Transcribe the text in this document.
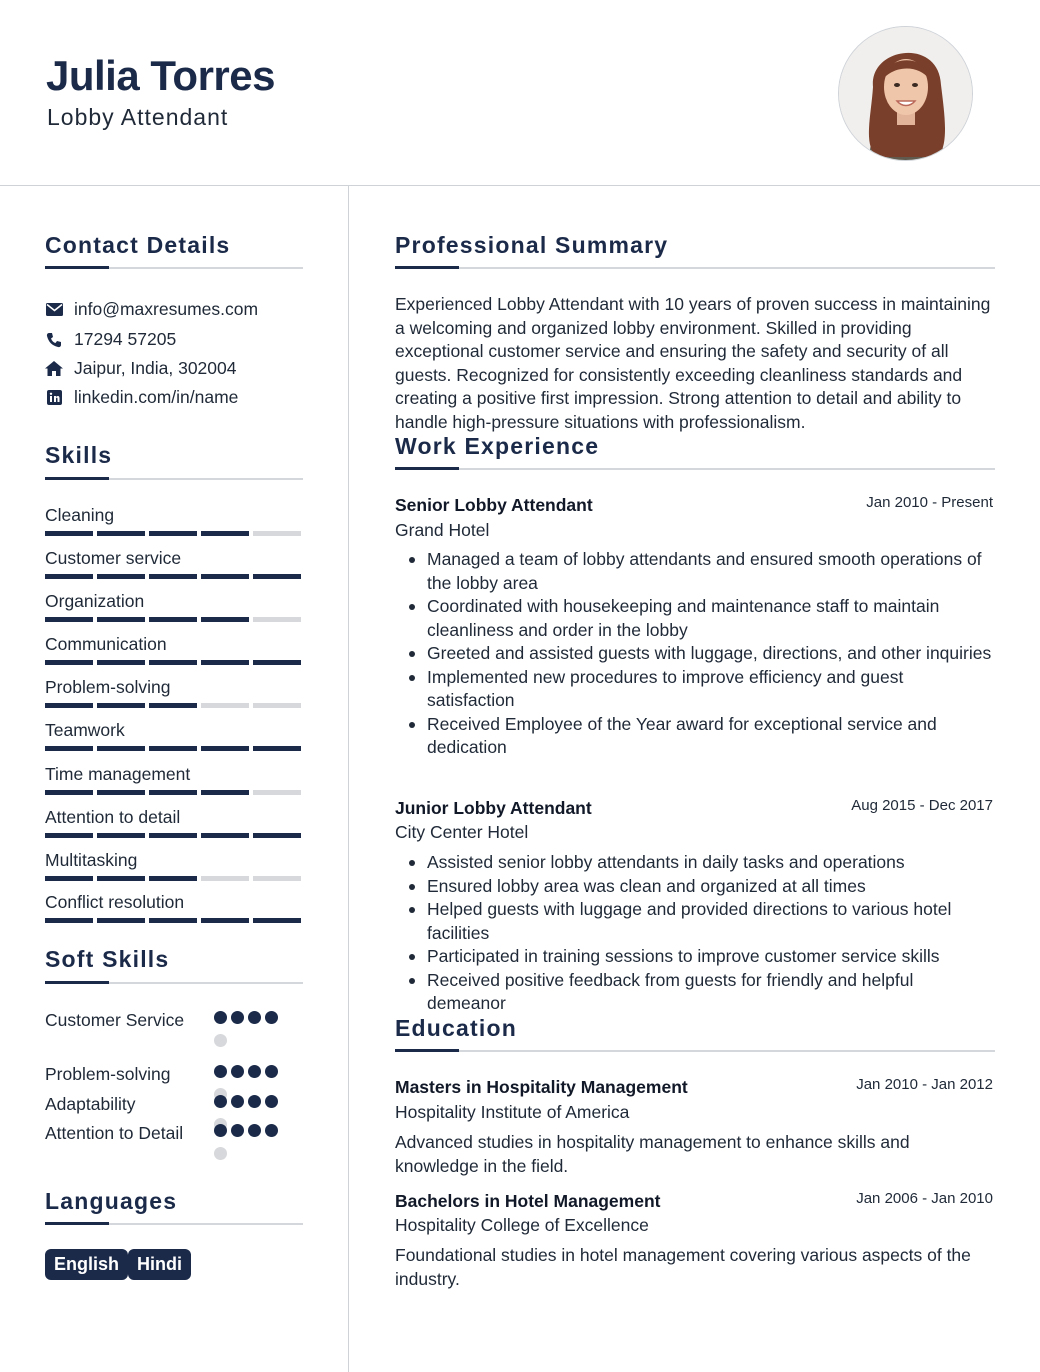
Julia Torres
Lobby Attendant
Contact Details
info@maxresumes.com
17294 57205
Jaipur, India, 302004
linkedin.com/in/name
Skills
Cleaning
Customer service
Organization
Communication
Problem-solving
Teamwork
Time management
Attention to detail
Multitasking
Conflict resolution
Soft Skills
Customer Service
Problem-solving
Adaptability
Attention to Detail
Languages
English Hindi
Professional Summary
Experienced Lobby Attendant with 10 years of proven success in maintaining a welcoming and organized lobby environment. Skilled in providing exceptional customer service and ensuring the safety and security of all guests. Recognized for consistently exceeding cleanliness standards and creating a positive first impression. Strong attention to detail and ability to handle high-pressure situations with professionalism.
Work Experience
Senior Lobby Attendant	Jan 2010 - Present
Grand Hotel
Managed a team of lobby attendants and ensured smooth operations of the lobby area
Coordinated with housekeeping and maintenance staff to maintain cleanliness and order in the lobby
Greeted and assisted guests with luggage, directions, and other inquiries
Implemented new procedures to improve efficiency and guest satisfaction
Received Employee of the Year award for exceptional service and dedication
Junior Lobby Attendant	Aug 2015 - Dec 2017
City Center Hotel
Assisted senior lobby attendants in daily tasks and operations
Ensured lobby area was clean and organized at all times
Helped guests with luggage and provided directions to various hotel facilities
Participated in training sessions to improve customer service skills
Received positive feedback from guests for friendly and helpful demeanor
Education
Masters in Hospitality Management	Jan 2010 - Jan 2012
Hospitality Institute of America
Advanced studies in hospitality management to enhance skills and knowledge in the field.
Bachelors in Hotel Management	Jan 2006 - Jan 2010
Hospitality College of Excellence
Foundational studies in hotel management covering various aspects of the industry.
